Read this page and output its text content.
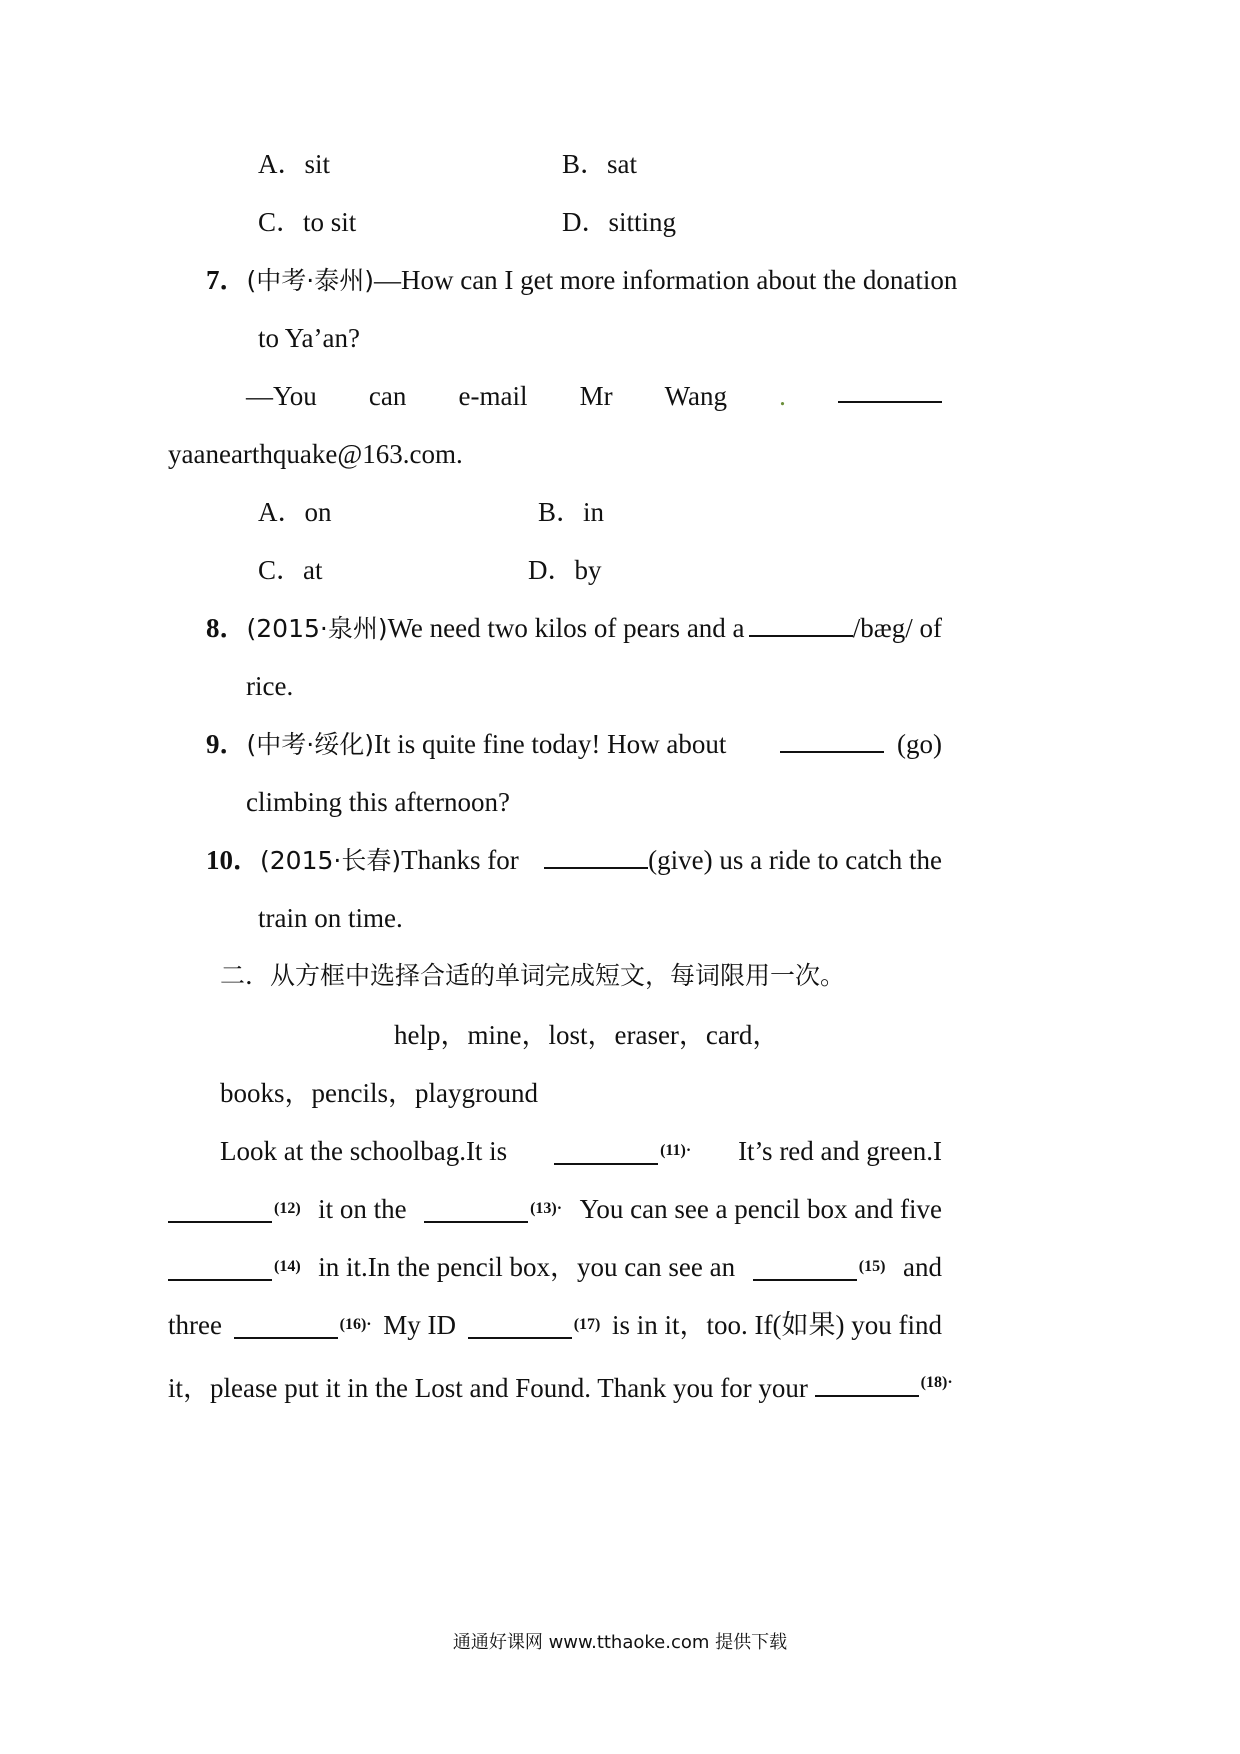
A．sit	B．sat
C．to sit	D．sitting
7．(中考·泰州)—How can I get more information about the donation
to Ya’an?
—You can e-mail Mr Wang .
yaanearthquake@163.com.
A．on	B．in
C．at	D．by
8．(2015·泉州)We need two kilos of pears and a	/bæg/ of
rice.
9．(中考·绥化)It is quite fine today! How about	(go)
climbing this afternoon?
10．(2015·长春)Thanks for	(give) us a ride to catch the
train on time.
二．从方框中选择合适的单词完成短文，每词限用一次。
help，mine，lost，eraser，card，
books，pencils，playground
Look at the schoolbag.It is	$^{(11)\cdot}$ It’s red and green.I
$^{(12)}$ it on the	$^{(13)\cdot}$ You can see a pencil box and five
$^{(14)}$ in it.In the pencil box，you can see an	$^{(15)}$ and
three	$^{(16)\cdot}$ My ID	$^{(17)}$ is in it，too. If(如果) you find
it，please put it in the Lost and Found. Thank you for your	$^{(18)\cdot}$
通通好课网 www.tthaoke.com 提供下载
